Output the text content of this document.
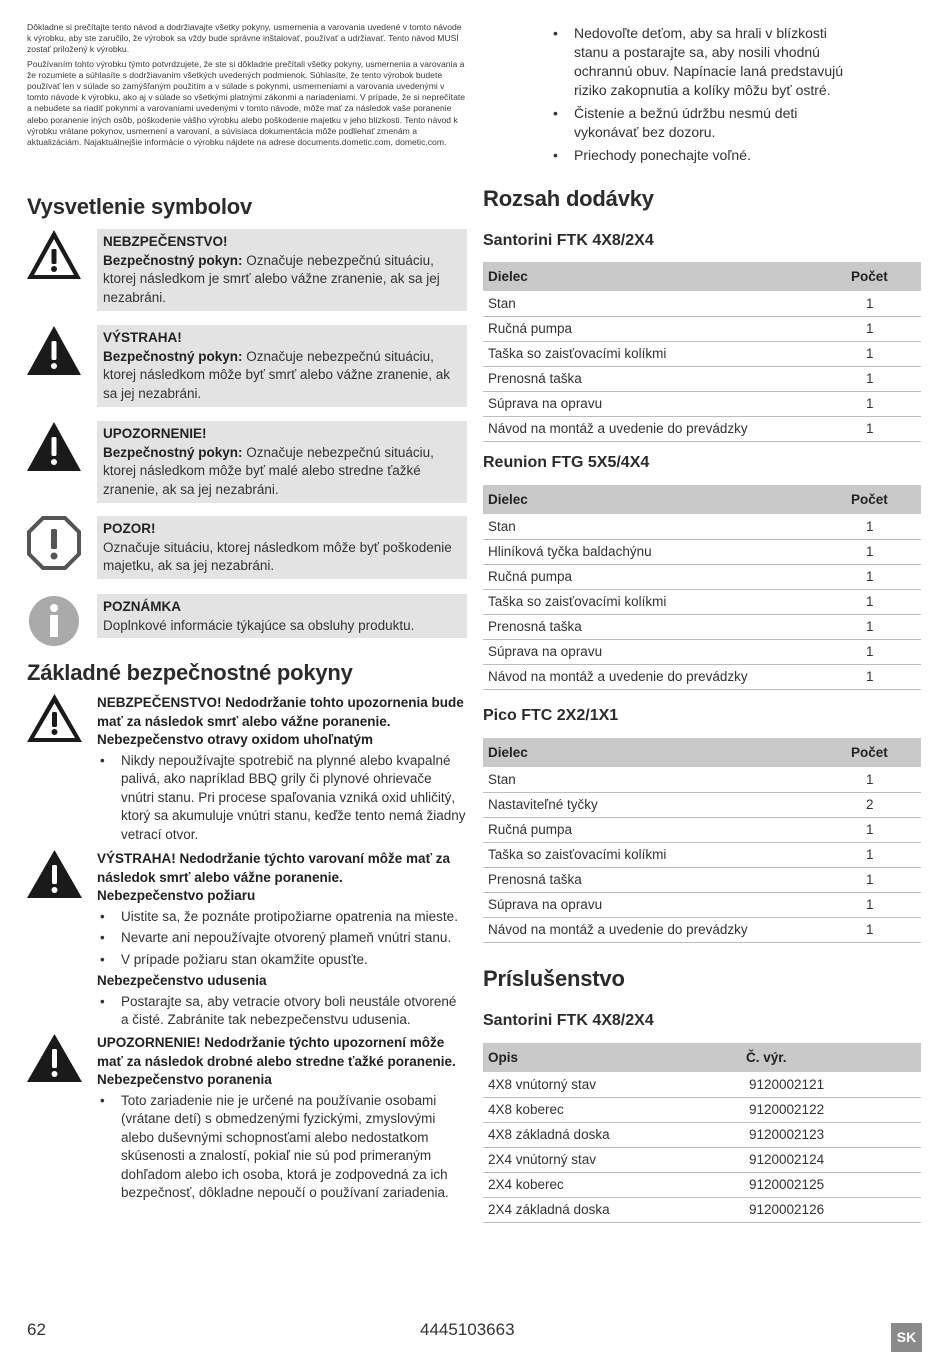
Dôkladne si prečítajte tento návod a dodržiavajte všetky pokyny, usmernenia a varovania uvedené v tomto návode k výrobku, aby ste zaručilo, že výrobok sa vždy bude správne inštalovať, používať a udržiavať. Tento návod MUSÍ zostať priložený k výrobku.

Používaním tohto výrobku týmto potvrdzujete, že ste si dôkladne prečítali všetky pokyny, usmernenia a varovania a že rozumiete a súhlasíte s dodržiavaním všetkých uvedených podmienok. Súhlasíte, že tento výrobok budete používať len v súlade so zamýšľaným použitím a v súlade s pokynmi, usmerneniami a varovania uvedenými v tomto návode k výrobku, ako aj v súlade so všetkými platnými zákonmi a nariadeniami. V prípade, že si neprečítate a nebudete sa riadiť pokynmi a varovaniami uvedenými v tomto návode, môže mať za následok vaše poranenie alebo poranenie iných osôb, poškodenie vášho výrobku alebo poškodenie majetku v jeho blízkosti. Tento návod k výrobku vrátane pokynov, usmernení a varovaní, a súvisiaca dokumentácia môže podliehať zmenám a aktualizáciám. Najaktuálnejšie informácie o výrobku nájdete na adrese documents.dometic.com, dometic.com.

Vysvetlenie symbolov
NEBZPEČENSTVO!
Bezpečnostný pokyn: Označuje nebezpečnú situáciu, ktorej následkom je smrť alebo vážne zranenie, ak sa jej nezabráni.
VÝSTRAHA!
Bezpečnostný pokyn: Označuje nebezpečnú situáciu, ktorej následkom môže byť smrť alebo vážne zranenie, ak sa jej nezabráni.
UPOZORNENIE!
Bezpečnostný pokyn: Označuje nebezpečnú situáciu, ktorej následkom môže byť malé alebo stredne ťažké zranenie, ak sa jej nezabráni.
POZOR!
Označuje situáciu, ktorej následkom môže byť poškodenie majetku, ak sa jej nezabráni.
POZNÁMKA
Doplnkové informácie týkajúce sa obsluhy produktu.
Základné bezpečnostné pokyny
NEBZPEČENSTVO! Nedodržanie tohto upozornenia bude mať za následok smrť alebo vážne poranenie.
Nebezpečenstvo otravy oxidom uhoľnatým
• Nikdy nepoužívajte spotrebič na plynné alebo kvapalné palivá, ako napríklad BBQ grily či plynové ohrievače vnútri stanu. Pri procese spaľovania vzniká oxid uhličitý, ktorý sa akumuluje vnútri stanu, keďže tento nemá žiadny vetrací otvor.
VÝSTRAHA! Nedodržanie týchto varovaní môže mať za následok smrť alebo vážne poranenie.
Nebezpečenstvo požiaru
• Uistite sa, že poznáte protipožiarne opatrenia na mieste.
• Nevarte ani nepoužívajte otvorený plameň vnútri stanu.
• V prípade požiaru stan okamžite opusťte.
Nebezpečenstvo udusenia
• Postarajte sa, aby vetracie otvory boli neustále otvorené a čisté. Zabránite tak nebezpečenstvu udusenia.
UPOZORNENIE! Nedodržanie týchto upozornení môže mať za následok drobné alebo stredne ťažké poranenie.
Nebezpečenstvo poranenia
• Toto zariadenie nie je určené na používanie osobami (vrátane detí) s obmedzenými fyzickými, zmyslovými alebo duševnými schopnosťami alebo nedostatkom skúsenosti a znalostí, pokiaľ nie sú pod primeraným dohľadom alebo ich osoba, ktorá je zodpovedná za ich bezpečnosť, dôkladne nepoučí o používaní zariadenia.
• Nedovoľte deťom, aby sa hrali v blízkosti stanu a postarajte sa, aby nosili vhodnú ochrannú obuv. Napínacie laná predstavujú riziko zakopnutia a kolíky môžu byť ostré.
• Čistenie a bežnú údržbu nesmú deti vykonávať bez dozoru.
• Priechody ponechajte voľné.
Rozsah dodávky
Santorini FTK 4X8/2X4
Dielec	Počet
Stan	1
Ručná pumpa	1
Taška so zaisťovacími kolíkmi	1
Prenosná taška	1
Súprava na opravu	1
Návod na montáž a uvedenie do prevádzky	1
Reunion FTG 5X5/4X4
Dielec	Počet
Stan	1
Hliníková tyčka baldachýnu	1
Ručná pumpa	1
Taška so zaisťovacími kolíkmi	1
Prenosná taška	1
Súprava na opravu	1
Návod na montáž a uvedenie do prevádzky	1
Pico FTC 2X2/1X1
Dielec	Počet
Stan	1
Nastaviteľné tyčky	2
Ručná pumpa	1
Taška so zaisťovacími kolíkmi	1
Prenosná taška	1
Súprava na opravu	1
Návod na montáž a uvedenie do prevádzky	1
Príslušenstvo
Santorini FTK 4X8/2X4
Opis	Č. výr.
4X8 vnútorný stav	9120002121
4X8 koberec	9120002122
4X8 základná doska	9120002123
2X4 vnútorný stav	9120002124
2X4 koberec	9120002125
2X4 základná doska	9120002126
62	4445103663	SK
